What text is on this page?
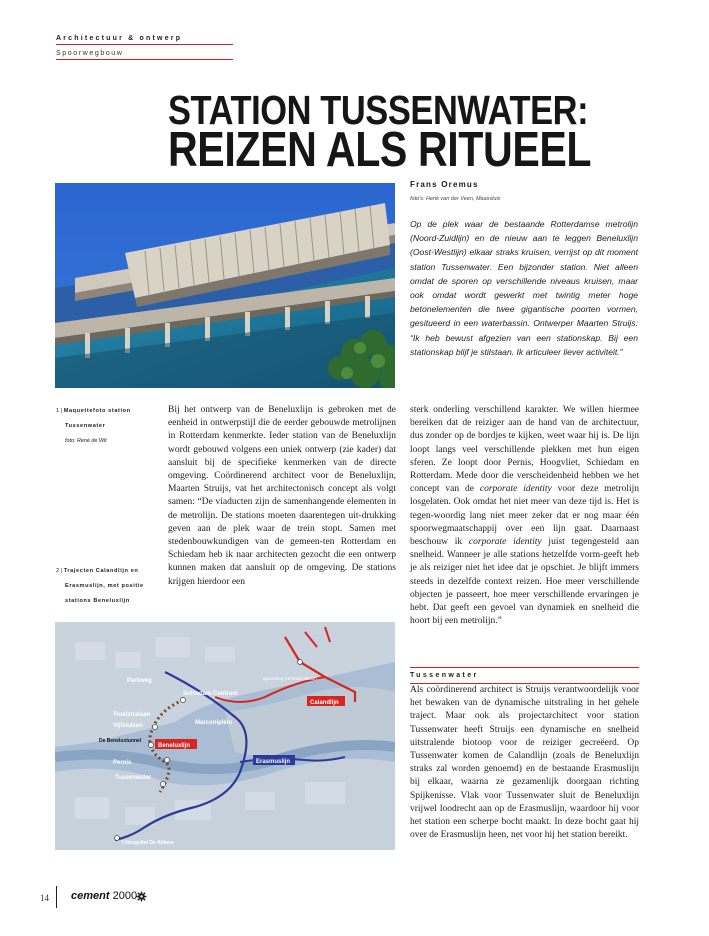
Architectuur & ontwerp
Spoorwegbouw
STATION TUSSENWATER:
REIZEN ALS RITUEEL
Frans Oremus
foto's: Henk van der Veen, Maassluis
Op de plek waar de bestaande Rotterdamse metrolijn (Noord-Zuidlijn) en de nieuw aan te leggen Beneluxlijn (Oost-Westlijn) elkaar straks kruisen, verrijst op dit moment station Tussenwater. Een bijzonder station. Niet alleen omdat de sporen op verschillende niveaus kruisen, maar ook omdat wordt gewerkt met twintig meter hoge betonelementen die twee gigantische poorten vormen, gesitueerd in een waterbassin. Ontwerper Maarten Struijs: “Ik heb bewust afgezien van een stationskap. Bij een stationskap blijf je stilstaan. Ik articuleer liever activiteit.”
1 | Maquettefoto station
Tussenwater
foto: René de Wit
2 | Trajecten Calandlijn en
Erasmuslijn, met positie
stations Beneluxlijn

Bij het ontwerp van de Beneluxlijn is gebroken met de eenheid in ontwerpstijl die de eerder gebouwde metrolijnen in Rotterdam kenmerkte. Ieder station van de Beneluxlijn wordt gebouwd volgens een uniek ontwerp (zie kader) dat aansluit bij de specifieke kenmerken van de directe omgeving. Coördinerend architect voor de Beneluxlijn, Maarten Struijs, vat het architectonisch concept als volgt samen: “De viaducten zijn de samenhangende elementen in de metrolijn. De stations moeten daarentegen uit-drukking geven aan de plek waar de trein stopt. Samen met stedenbouwkundigen van de gemeen-ten Rotterdam en Schiedam heb ik naar architecten gezocht die een ontwerp kunnen maken dat aansluit op de omgeving. De stations krijgen hierdoor een

sterk onderling verschillend karakter. We willen hiermee bereiken dat de reiziger aan de hand van de architectuur, dus zonder op de bordjes te kijken, weet waar hij is. De lijn loopt langs veel verschillende plekken met hun eigen sferen. Ze loopt door Pernis, Hoogvliet, Schiedam en Rotterdam. Mede door die verscheidenheid hebben we het concept van de corporate identity voor deze metrolijn losgelaten. Ook omdat het niet meer van deze tijd is. Het is tegen-woordig lang niet meer zeker dat er nog maar één spoorwegmaatschappij over een lijn gaat. Daarnaast beschouw ik corporate identity juist tegengesteld aan snelheid. Wanneer je alle stations hetzelfde vorm-geeft heb je als reiziger niet het idee dat je opschiet. Je blijft immers steeds in dezelfde context reizen. Hoe meer verschillende objecten je passeert, hoe meer verschillende ervaringen je hebt. Dat geeft een gevoel van dynamiek en snelheid die hoort bij een metrolijn.”

Tussenwater

Als coördinerend architect is Struijs verantwoordelijk voor het bewaken van de dynamische uitstraling in het gehele traject. Maar ook als projectarchitect voor station Tussenwater heeft Struijs een dynamische en snelheid uitstralende biotoop voor de reiziger gecreëerd. Op Tussenwater komen de Calandlijn (zoals de Beneluxlijn straks zal worden genoemd) en de bestaande Erasmuslijn bij elkaar, waarna ze gezamenlijk doorgaan richting Spijkenisse. Vlak voor Tussenwater sluit de Beneluxlijn vrijwel loodrecht aan op de Erasmuslijn, waardoor hij voor het station een scherpe bocht maakt. In deze bocht gaat hij over de Erasmuslijn heen, net voor hij het station bereikt.

Parkweg
Schiedam Centrum
Troelstralaan
Vijfsluizen	Marconiplein
Pernis
Tussenwater
De Beneluxtunnel
Beneluxlijn
Erasmuslijn
Calandlijn
Spoorweg Centraal Station
't Hoogvliet De Akkers
14 cement 2000
